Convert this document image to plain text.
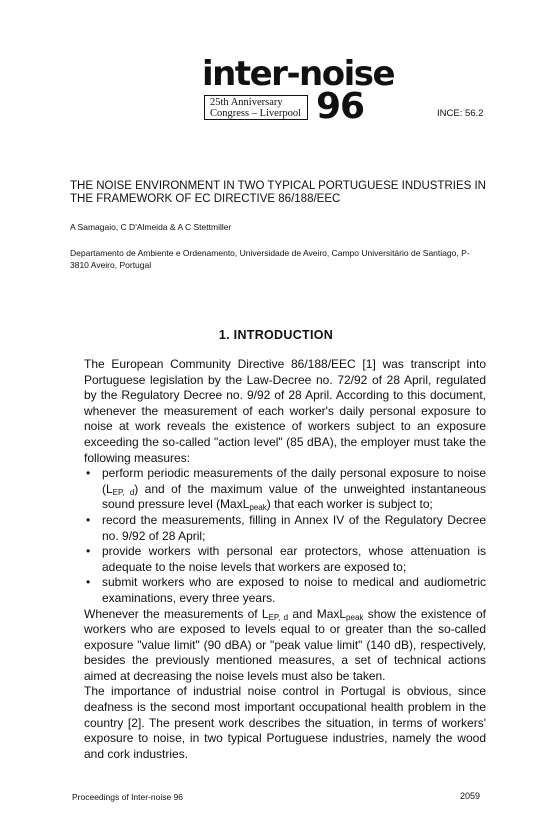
inter-noise
25th Anniversary
Congress – Liverpool 96	INCE: 56.2
THE NOISE ENVIRONMENT IN TWO TYPICAL PORTUGUESE INDUSTRIES IN THE FRAMEWORK OF EC DIRECTIVE 86/188/EEC
A Samagaio, C D'Almeida & A C Stettmiller
Departamento de Ambiente e Ordenamento, Universidade de Aveiro, Campo Universitário de Santiago, P-3810 Aveiro, Portugal
1. INTRODUCTION

The European Community Directive 86/188/EEC [1] was transcript into Portuguese legislation by the Law-Decree no. 72/92 of 28 April, regulated by the Regulatory Decree no. 9/92 of 28 April. According to this document, whenever the measurement of each worker's daily personal exposure to noise at work reveals the existence of workers subject to an exposure exceeding the so-called "action level" (85 dBA), the employer must take the following measures:

• perform periodic measurements of the daily personal exposure to noise $(L_{EP, d})$ and of the maximum value of the unweighted instantaneous sound pressure level (MaxL$_{peak}$) that each worker is subject to;
• record the measurements, filling in Annex IV of the Regulatory Decree no. 9/92 of 28 April;
• provide workers with personal ear protectors, whose attenuation is adequate to the noise levels that workers are exposed to;
• submit workers who are exposed to noise to medical and audiometric examinations, every three years.

Whenever the measurements of $L_{EP, d}$ and MaxL$_{peak}$ show the existence of workers who are exposed to levels equal to or greater than the so-called exposure "value limit" (90 dBA) or "peak value limit" (140 dB), respectively, besides the previously mentioned measures, a set of technical actions aimed at decreasing the noise levels must also be taken.

The importance of industrial noise control in Portugal is obvious, since deafness is the second most important occupational health problem in the country [2]. The present work describes the situation, in terms of workers' exposure to noise, in two typical Portuguese industries, namely the wood and cork industries.

Proceedings of Inter-noise 96	2059
